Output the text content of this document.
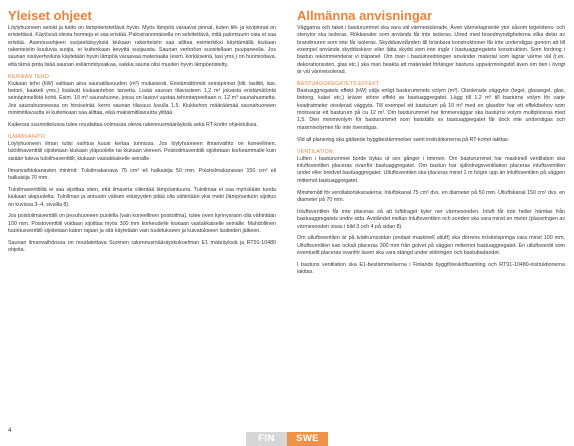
Yleiset ohjeet
Löylyhuoneen seinät ja katto on lämpöeristettävä hyvin. Myös lämpöä varaavat pinnat, kuten tiili- ja kivipinnat on eristettävä. Käytössä olevia hormeja ei saa eristää. Paloviranomaisella on selvitettävä, mitä palomuurin osia ei saa eristää. Asennusohjeen suojaetäisyyksiä kiukaan rakenteisiin saa alittaa esimerkiksi käyttämällä kiukaan rakenteisiin kuuluvia suojia, ei kuitenkaan kevyttä suojausta. Saunan verhoilun suositellaan puupaneelia. Jos saunan sisäverhoiluna käytetään hyvin lämpöä varaavaa materiaalia (esim. korkkiseinä, lasi yms.) on huomioitava, että tämä pinta lisää saunan esilämmitysaikaa, vaikka sauna olisi muuten hyvin lämpöeristetty.
KIUKAAN TEHO
Kiukaan teho (kW) valitaan aina saunatilavuuden (m³) mukaisesti. Eristämättömät seinäpinnat (tiili, lasiliiti, lasi, betoni, kaakeli yms.) lisäävät kiukaantehon tarvetta. Lisää saunan tilavuuteen 1,2 m³ jokaista eristämätöntä seinäpinneliötä kohti. Esim. 10 m³ saunahuone, jossa on lasiovi vastaa tehontarpeeltaan n. 12 m³ saunahuonetta. Jos saunahuoneessa on hirsiseinät, kerro saunan tilavuus luvulla 1,5. Kiukkehon määräämää saunahuoneen minimitilavuutta ei kuitenkaan saa alittaa, eikä maksimitilavuutta ylittää.
Kaikessa suunnittelussa tulee noudattaa voimassa olevia rakennusmääräyksiä sekä RT-kortin ohjeistuksia.
ILMANVAIHTO
Löylyhuoneen ilman tulisi vaihtua kuusi kertaa tunnissa. Jos löylyhuoneen ilmanvaihto on koneellinen, tuloilmaventtiili sijoitetaan kiukaan yläpuolelle tai kiukaan viereen. Poistoilmaventtiili sijoitetaan korkeammalle kuin sisään tuleva tuloilmaventtiili, kiukaan vastakkaiselle seinälle.
Ilmanvaihtokanavien minimit: Tuloilmakanava 75 cm² eli halkaisija 50 mm. Poistoilmakanavan 150 cm² eli halkaisija 70 mm.
Tuloilmaventtiiliä ei saa sijoittaa siten, että ilmavirta viilentää lämpöantuuria. Tuloilmaa ei saa myöskään tuoda kiukaan alapuolelta. Tuloilman ja antuurin välisen etäisyyden pitää olla vähintään yksi metri (lämpöanturin sijoitus on kuvissa 3–4, sivuilla 8).
Jos poistoilmaventtiili on pesuhuoneen puolella (vain koneellinen poistoilma), tulee oven kynnysraon olla vähintään 100 mm. Poistoventtiili voidaan sijoittaa myös 300 mm korkeudelle kiukaan vastakkaiselle seinälle. Mahdollinen tuuletusventtiili sijoitetaan katon rajaan ja sitä käytetään vain tuuletukseen ja kuivatukseen lauteiden jälkeen.
Saunan ilmanvaihdossa on noudatettava Suomen rakennusmääräyskokoelman E1 määräyksiä ja RT91-10480 ohjeita.
Allmänna anvisningar
Väggarna och taket i basturummet ska vara väl värmeisolerade. Även värmelagrande ytor såsom tegelstens- och stenytor ska isoleras. Rökkanaler som används får inte isoleras. Utred med brandmyndigheterna vilka delar av brandmuren som inte får isoleras. Skyddsavstånden till bränbara konstruktioner får inte understigas genom att till exempel använda skyddsskivor eller lätta skydd som inte ingår i bastuaggregatets konstruktion. Som fordring i bastun rekommenderar vi träpanel. Om man i bastuinredningen använder material som lagrar värme väl (t.ex. dekorationssten, glas etc.) ska man beakta att materialet förlänger bastuns uppvärmningstid även om den i övrigt är väl värmeisolerad.
BASTUAGGREGATETS EFFEKT
Bastuaggregatets effekt (kW) väljs enligt basturummets volym (m³). Oisolerade väggytor (tegel, glassegel, glas, betong, kakel etc.) kräver större effekt av bastuaggregatet. Lägg till 1,2 m³ till basturns volym för varje kvadratmeter oisolerad väggyta. Till exempel ett basturum på 10 m³ med en glasdörr har ett effektbehov som motsvarar ett basturum på ca 12 m³. Om basturummet har timmerväggar ska basturns volym multipliceras med 1,5. Den minimivolym för basturummet som fastställs av bastuaggregatet får dock inte understigas och maximivolymen får inte överstigas.
Vid all planering ska gällande byggbestämmelser samt instruktionerna på RT-kortet iakttas.
VENTILATION
Luften i basturummet borde bytas ut sex gånger i timmen. Om basturummet har maskinell ventilation ska inluftsventilen placeras ovanför bastuaggregatet. Om bastun har självdragsventilation placeras inluftsventilen under eller bredvid bastuaggregatet. Utluftsventilen ska placeras minst 1 m högre upp än inluftsventilen på väggen mittemot bastuaggregatet.
Minimimått för ventilationskanalerna: Inluftskanal 75 cm² dvs. en diameter på 50 mm. Utluftskanal 150 cm² dvs. en diameter på 70 mm.
Inluftsventilen får inte placeras så att luftdraget kyler ner värmesonden. Inluft får inte heller hämtas från bastuaggregatets undre sida. Avståndet mellan inluftsventilen och sonden ska vara minst en meter (placeringen av värmesonden visas i bild 3 och 4 på sidan 8).
Om utluftsventilen är på tvättrumssidan (endast maskinell utluft) ska dörrens tröskelspringa vara minst 100 mm. Utluftsventilen kan också placeras 300 mm från golvet på väggen mittemot bastuaggregatet. En utluftsventil som eventuellt placeras ovanför laven ska vara stängd under eldningen och bastubadandet.
I bastuns ventilation ska E1-bestämmelserna i Finlands byggföreskriftsamling och RT91-10480-instruktionerna iakttas.
4
FIN	SWE
